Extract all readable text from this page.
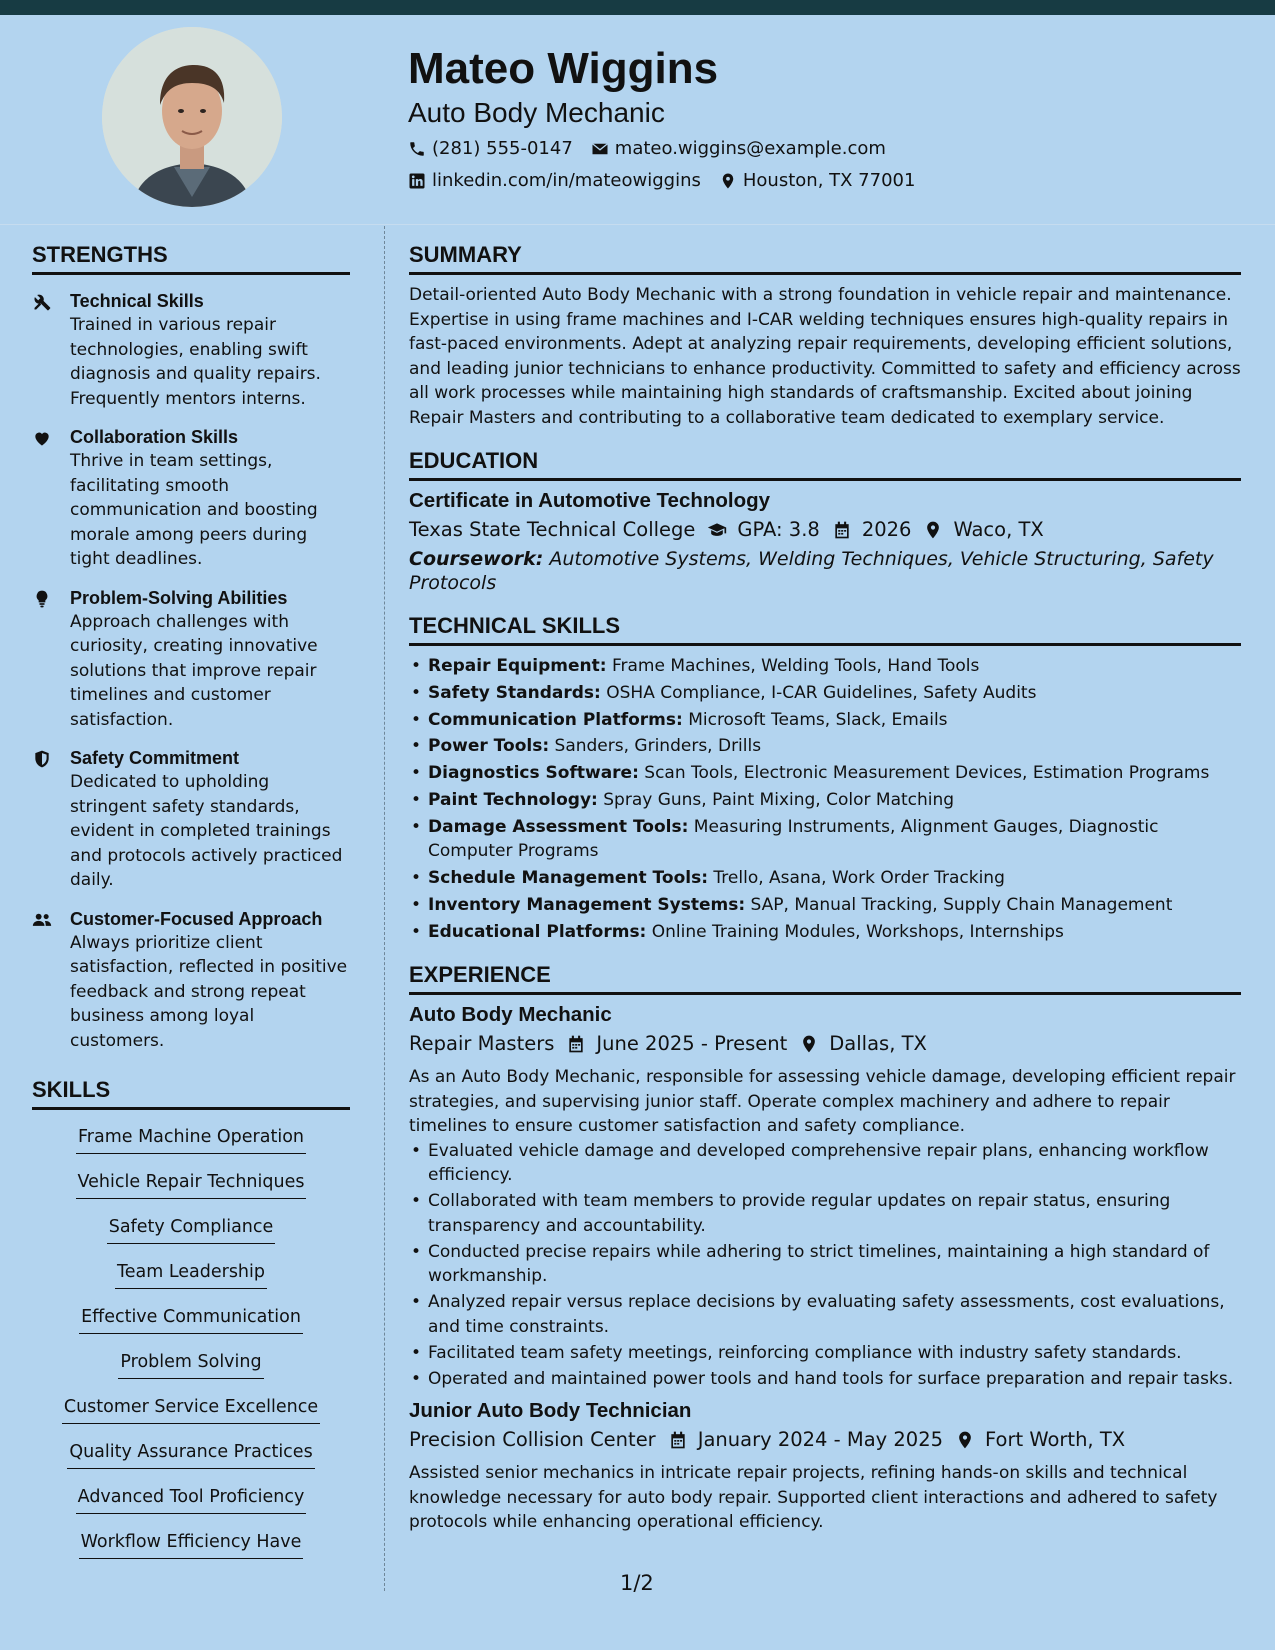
Mateo Wiggins
Auto Body Mechanic
(281) 555-0147 mateo.wiggins@example.com
linkedin.com/in/mateowiggins Houston, TX 77001
STRENGTHS
Technical Skills
Trained in various repair technologies, enabling swift diagnosis and quality repairs. Frequently mentors interns.
Collaboration Skills
Thrive in team settings, facilitating smooth communication and boosting morale among peers during tight deadlines.
Problem-Solving Abilities
Approach challenges with curiosity, creating innovative solutions that improve repair timelines and customer satisfaction.
Safety Commitment
Dedicated to upholding stringent safety standards, evident in completed trainings and protocols actively practiced daily.
Customer-Focused Approach
Always prioritize client satisfaction, reflected in positive feedback and strong repeat business among loyal customers.
SKILLS
Frame Machine Operation
Vehicle Repair Techniques
Safety Compliance
Team Leadership
Effective Communication
Problem Solving
Customer Service Excellence
Quality Assurance Practices
Advanced Tool Proficiency
Workflow Efficiency Have
SUMMARY
Detail-oriented Auto Body Mechanic with a strong foundation in vehicle repair and maintenance. Expertise in using frame machines and I-CAR welding techniques ensures high-quality repairs in fast-paced environments. Adept at analyzing repair requirements, developing efficient solutions, and leading junior technicians to enhance productivity. Committed to safety and efficiency across all work processes while maintaining high standards of craftsmanship. Excited about joining Repair Masters and contributing to a collaborative team dedicated to exemplary service.
EDUCATION
Certificate in Automotive Technology
Texas State Technical College GPA: 3.8 2026 Waco, TX
Coursework: Automotive Systems, Welding Techniques, Vehicle Structuring, Safety Protocols
TECHNICAL SKILLS
• Repair Equipment: Frame Machines, Welding Tools, Hand Tools
• Safety Standards: OSHA Compliance, I-CAR Guidelines, Safety Audits
• Communication Platforms: Microsoft Teams, Slack, Emails
• Power Tools: Sanders, Grinders, Drills
• Diagnostics Software: Scan Tools, Electronic Measurement Devices, Estimation Programs
• Paint Technology: Spray Guns, Paint Mixing, Color Matching
• Damage Assessment Tools: Measuring Instruments, Alignment Gauges, Diagnostic Computer Programs
• Schedule Management Tools: Trello, Asana, Work Order Tracking
• Inventory Management Systems: SAP, Manual Tracking, Supply Chain Management
• Educational Platforms: Online Training Modules, Workshops, Internships
EXPERIENCE
Auto Body Mechanic
Repair Masters June 2025 - Present Dallas, TX
As an Auto Body Mechanic, responsible for assessing vehicle damage, developing efficient repair strategies, and supervising junior staff. Operate complex machinery and adhere to repair timelines to ensure customer satisfaction and safety compliance.
• Evaluated vehicle damage and developed comprehensive repair plans, enhancing workflow efficiency.
• Collaborated with team members to provide regular updates on repair status, ensuring transparency and accountability.
• Conducted precise repairs while adhering to strict timelines, maintaining a high standard of workmanship.
• Analyzed repair versus replace decisions by evaluating safety assessments, cost evaluations, and time constraints.
• Facilitated team safety meetings, reinforcing compliance with industry safety standards.
• Operated and maintained power tools and hand tools for surface preparation and repair tasks.
Junior Auto Body Technician
Precision Collision Center January 2024 - May 2025 Fort Worth, TX
Assisted senior mechanics in intricate repair projects, refining hands-on skills and technical knowledge necessary for auto body repair. Supported client interactions and adhered to safety protocols while enhancing operational efficiency.
1/2
